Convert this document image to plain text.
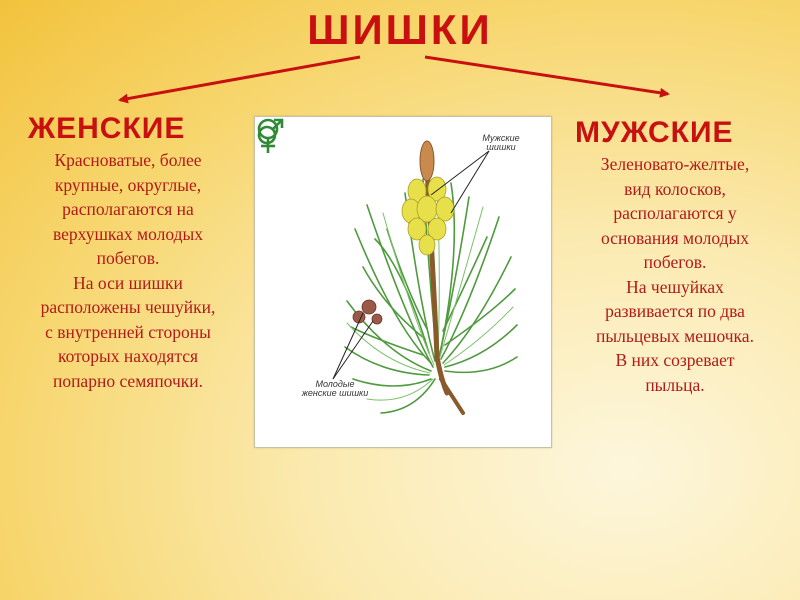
ШИШКИ
ЖЕНСКИЕ

Красноватые, более

крупные, округлые,

располагаются на

верхушках молодых

побегов.

На оси шишки

расположены чешуйки,

с внутренней стороны

которых находятся

попарно семяпочки.

МУЖСКИЕ

Зеленовато-желтые,

вид колосков,

располагаются у

основания молодых

побегов.

На чешуйках

развивается по два

пыльцевых мешочка.

В них созревает

пыльца.

Мужские
шишки
Молодые
женские шишки
